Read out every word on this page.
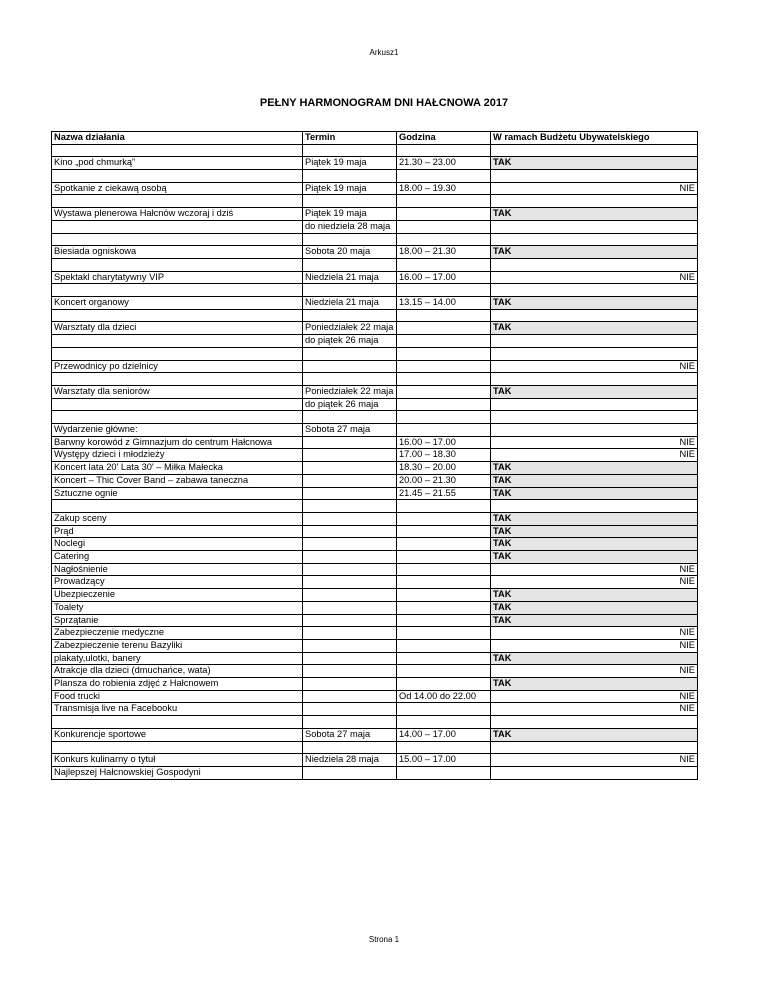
Arkusz1
PEŁNY HARMONOGRAM DNI HAŁCNOWA 2017
Nazwa działania	Termin	Godzina	W ramach Budżetu Ubywatelskiego

Kino „pod chmurką”	Piątek 19 maja	21.30 – 23.00	TAK

Spotkanie z ciekawą osobą	Piątek 19 maja	18.00 – 19.30	NIE

Wystawa plenerowa Hałcnów wczoraj i dziś	Piątek 19 maja		TAK
	do niedziela 28 maja		

Biesiada ogniskowa	Sobota 20 maja	18.00 – 21.30	TAK

Spektakl charytatywny VIP	Niedziela 21 maja	16.00 – 17.00	NIE

Koncert organowy	Niedziela 21 maja	13.15 – 14.00	TAK

Warsztaty dla dzieci	Poniedziałek 22 maja		TAK
	do piątek 26 maja		

Przewodnicy po dzielnicy			NIE

Warsztaty dla seniorów	Poniedziałek 22 maja		TAK
	do piątek 26 maja		

Wydarzenie główne:	Sobota 27 maja		
Barwny korowód z Gimnazjum do centrum Hałcnowa		16.00 – 17.00	NIE
Występy dzieci i młodzieży		17.00 – 18.30	NIE
Koncert lata 20' Lata 30' – Miłka Małecka		18.30 – 20.00	TAK
Koncert – Thic Cover Band – zabawa taneczna		20.00 – 21.30	TAK
Sztuczne ognie		21.45 – 21.55	TAK

Zakup sceny			TAK
Prąd			TAK
Noclegi			TAK
Catering			TAK
Nagłośnienie			NIE
Prowadzący			NIE
Ubezpieczenie			TAK
Toalety			TAK
Sprzątanie			TAK
Zabezpieczenie medyczne			NIE
Zabezpieczenie terenu Bazyliki			NIE
plakaty,ulotki, banery			TAK
Atrakcje dla dzieci (dmuchańce, wata)			NIE
Plansza do robienia zdjęć z Hałcnowem			TAK
Food trucki		Od 14.00 do 22.00	NIE
Transmisja live na Facebooku			NIE

Konkurencje sportowe	Sobota 27 maja	14.00 – 17.00	TAK

Konkurs kulinarny o tytuł	Niedziela 28 maja	15.00 – 17.00	NIE
Najlepszej Hałcnowskiej Gospodyni			
Strona 1
